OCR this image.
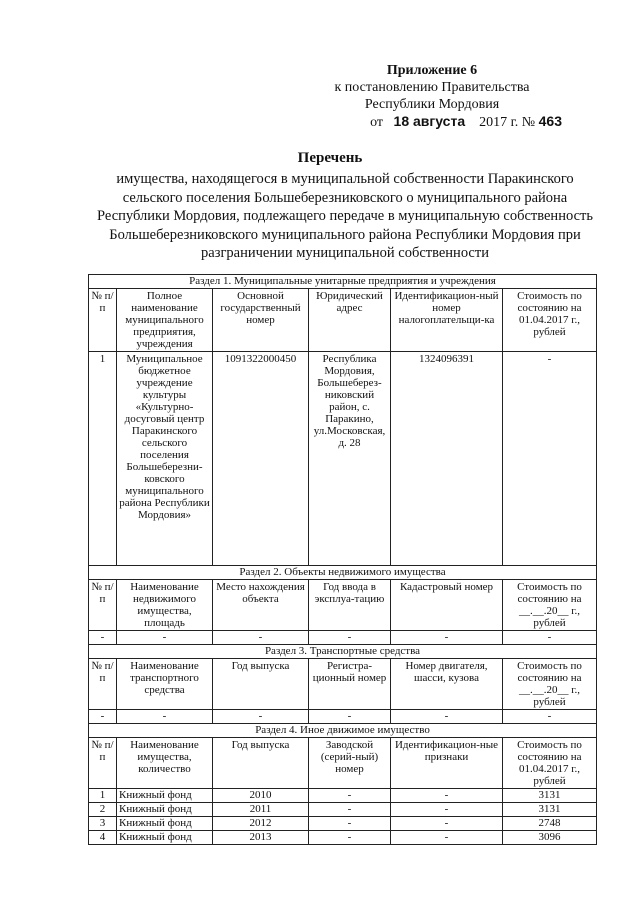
Приложение 6
к постановлению Правительства
Республики Мордовия
от 18 августа 2017 г. № 463
Перечень
имущества, находящегося в муниципальной собственности Паракинского сельского поселения Большеберезниковского о муниципального района Республики Мордовия, подлежащего передаче в муниципальную собственность Большеберезниковского муниципального района Республики Мордовия при разграничении муниципальной собственности
Раздел 1. Муниципальные унитарные предприятия и учреждения					
№ п/п	Полное наименование муниципального предприятия, учреждения	Основной государственный номер	Юридический адрес	Идентификацион-ный номер налогоплательщи-ка	Стоимость по состоянию на 01.04.2017 г., рублей
1	Муниципальное бюджетное учреждение культуры «Культурно-досуговый центр Паракинского сельского поселения Большеберезни-ковского муниципального района Республики Мордовия»	1091322000450	Республика Мордовия, Большеберез-никовский район, с. Паракино, ул.Московская, д. 28	1324096391	-
Раздел 2. Объекты недвижимого имущества					
№ п/п	Наименование недвижимого имущества, площадь	Место нахождения объекта	Год ввода в эксплуа-тацию	Кадастровый номер	Стоимость по состоянию на __.__.20__ г., рублей
-	-	-	-	-	-
Раздел 3. Транспортные средства					
№ п/п	Наименование транспортного средства	Год выпуска	Регистра-ционный номер	Номер двигателя, шасси, кузова	Стоимость по состоянию на __.__.20__ г., рублей
-	-	-	-	-	-
Раздел 4. Иное движимое имущество					
№ п/п	Наименование имущества, количество	Год выпуска	Заводской (серий-ный) номер	Идентификацион-ные признаки	Стоимость по состоянию на 01.04.2017 г., рублей
1	Книжный фонд	2010	-	-	3131
2	Книжный фонд	2011	-	-	3131
3	Книжный фонд	2012	-	-	2748
4	Книжный фонд	2013	-	-	3096
